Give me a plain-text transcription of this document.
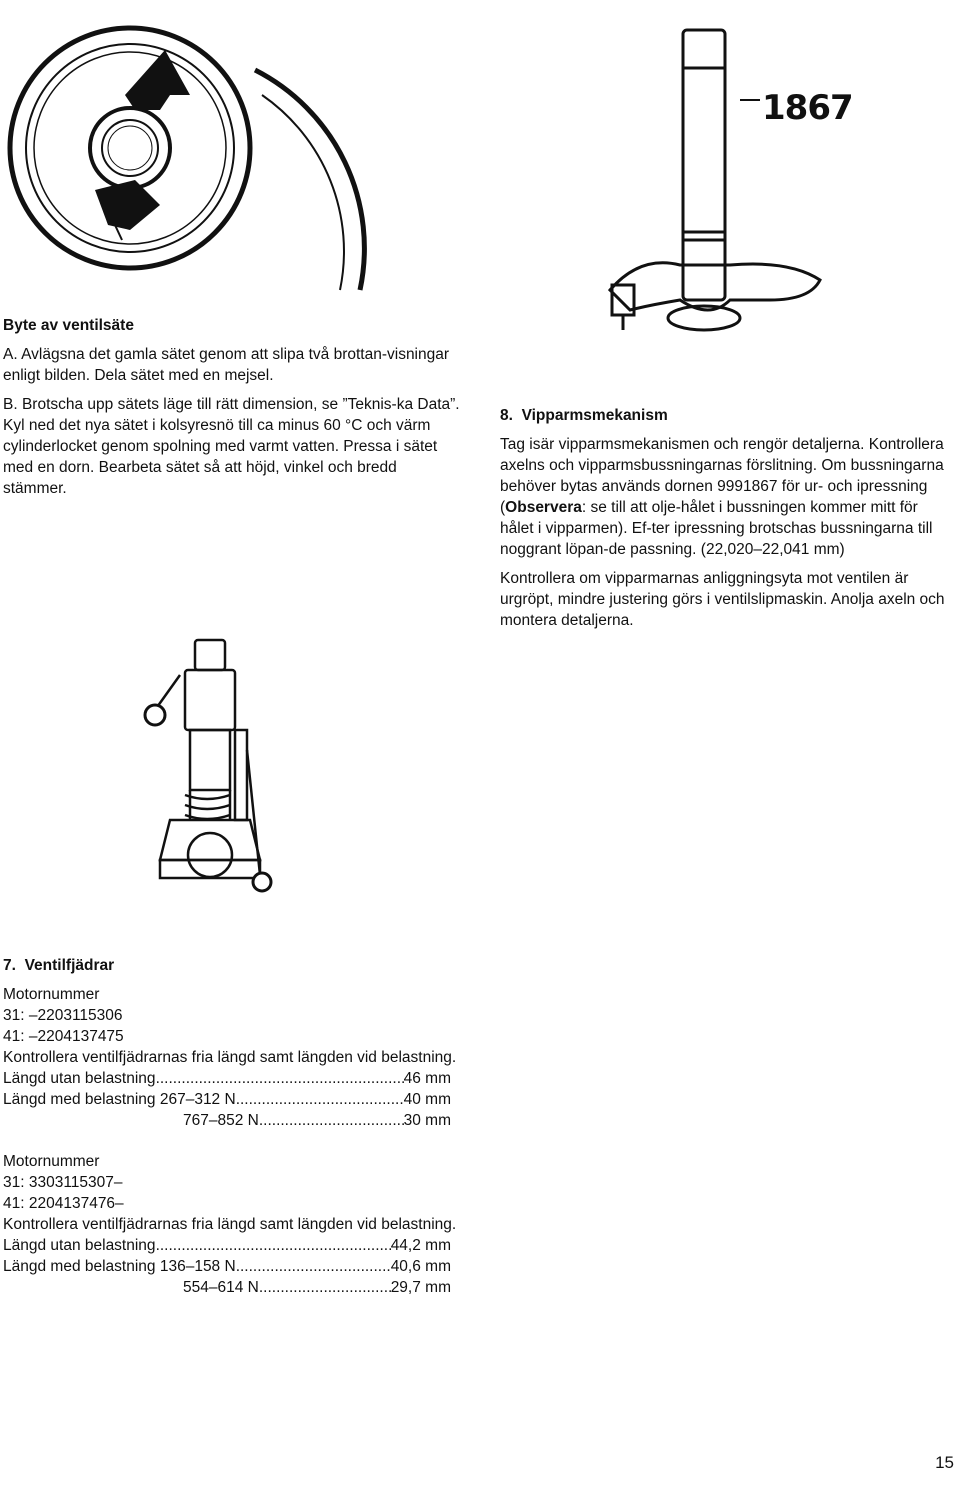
1867
Byte av ventilsäte

A. Avlägsna det gamla sätet genom att slipa två brottan-visningar enligt bilden. Dela sätet med en mejsel.

B. Brotscha upp sätets läge till rätt dimension, se ”Teknis-ka Data”. Kyl ned det nya sätet i kolsyresnö till ca minus 60 °C och värm cylinderlocket genom spolning med varmt vatten. Pressa i sätet med en dorn. Bearbeta sätet så att höjd, vinkel och bredd stämmer.

8. Vipparmsmekanism

Tag isär vipparmsmekanismen och rengör detaljerna. Kontrollera axelns och vipparmsbussningarnas förslitning. Om bussningarna behöver bytas används dornen 9991867 för ur- och ipressning (Observera: se till att olje-hålet i bussningen kommer mitt för hålet i vipparmen). Ef-ter ipressning brotschas bussningarna till noggrant löpan-de passning. (22,020–22,041 mm)

Kontrollera om vipparmarnas anliggningsyta mot ventilen är urgröpt, mindre justering görs i ventilslipmaskin. Anolja axeln och montera detaljerna.

7. Ventilfjädrar

Motornummer

31: –2203115306

41: –2204137475

Kontrollera ventilfjädrarnas fria längd samt längden vid belastning.

Längd utan belastning .....	46 mm
Längd med belastning 267–312 N .....	40 mm
767–852 N .....	30 mm

Motornummer

31: 3303115307–

41: 2204137476–

Kontrollera ventilfjädrarnas fria längd samt längden vid belastning.

Längd utan belastning .....	44,2 mm
Längd med belastning 136–158 N .....	40,6 mm
554–614 N .....	29,7 mm
15
